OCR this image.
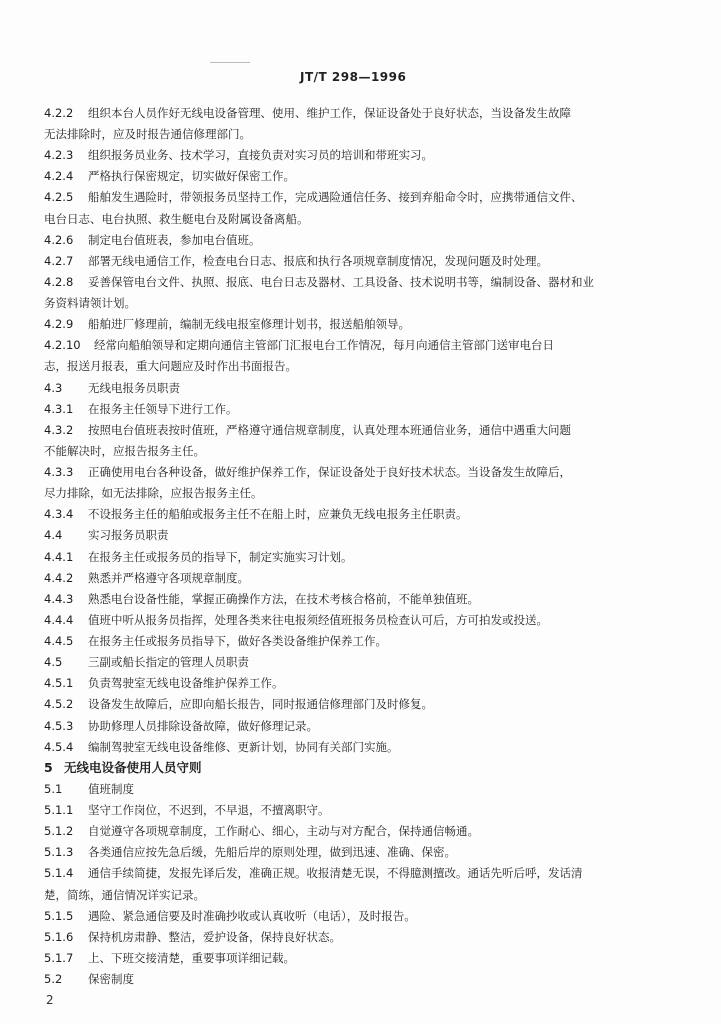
JT/T 298—1996
4.2.2 组织本台人员作好无线电设备管理、使用、维护工作，保证设备处于良好状态，当设备发生故障
无法排除时，应及时报告通信修理部门。
4.2.3 组织报务员业务、技术学习，直接负责对实习员的培训和带班实习。
4.2.4 严格执行保密规定，切实做好保密工作。
4.2.5 船舶发生遇险时，带领报务员坚持工作，完成遇险通信任务、接到弃船命令时，应携带通信文件、
电台日志、电台执照、救生艇电台及附属设备离船。
4.2.6 制定电台值班表，参加电台值班。
4.2.7 部署无线电通信工作，检查电台日志、报底和执行各项规章制度情况，发现问题及时处理。
4.2.8 妥善保管电台文件、执照、报底、电台日志及器材、工具设备、技术说明书等，编制设备、器材和业
务资料请领计划。
4.2.9 船舶进厂修理前，编制无线电报室修理计划书，报送船舶领导。
4.2.10 经常向船舶领导和定期向通信主管部门汇报电台工作情况，每月向通信主管部门送审电台日
志，报送月报表，重大问题应及时作出书面报告。
4.3 无线电报务员职责
4.3.1 在报务主任领导下进行工作。
4.3.2 按照电台值班表按时值班，严格遵守通信规章制度，认真处理本班通信业务，通信中遇重大问题
不能解决时，应报告报务主任。
4.3.3 正确使用电台各种设备，做好维护保养工作，保证设备处于良好技术状态。当设备发生故障后，
尽力排除，如无法排除，应报告报务主任。
4.3.4 不设报务主任的船舶或报务主任不在船上时，应兼负无线电报务主任职责。
4.4 实习报务员职责
4.4.1 在报务主任或报务员的指导下，制定实施实习计划。
4.4.2 熟悉并严格遵守各项规章制度。
4.4.3 熟悉电台设备性能，掌握正确操作方法，在技术考核合格前，不能单独值班。
4.4.4 值班中听从报务员指挥，处理各类来往电报须经值班报务员检查认可后，方可拍发或投送。
4.4.5 在报务主任或报务员指导下，做好各类设备维护保养工作。
4.5 三副或船长指定的管理人员职责
4.5.1 负责驾驶室无线电设备维护保养工作。
4.5.2 设备发生故障后，应即向船长报告，同时报通信修理部门及时修复。
4.5.3 协助修理人员排除设备故障，做好修理记录。
4.5.4 编制驾驶室无线电设备维修、更新计划，协同有关部门实施。
5 无线电设备使用人员守则
5.1 值班制度
5.1.1 坚守工作岗位，不迟到，不早退，不擅离职守。
5.1.2 自觉遵守各项规章制度，工作耐心、细心，主动与对方配合，保持通信畅通。
5.1.3 各类通信应按先急后缓，先船后岸的原则处理，做到迅速、准确、保密。
5.1.4 通信手续简捷，发报先译后发，准确正规。收报清楚无误，不得臆测擅改。通话先听后呼，发话清
楚，简练，通信情况详实记录。
5.1.5 遇险、紧急通信要及时准确抄收或认真收听（电话），及时报告。
5.1.6 保持机房肃静、整洁，爱护设备，保持良好状态。
5.1.7 上、下班交接清楚，重要事项详细记载。
5.2 保密制度
2
